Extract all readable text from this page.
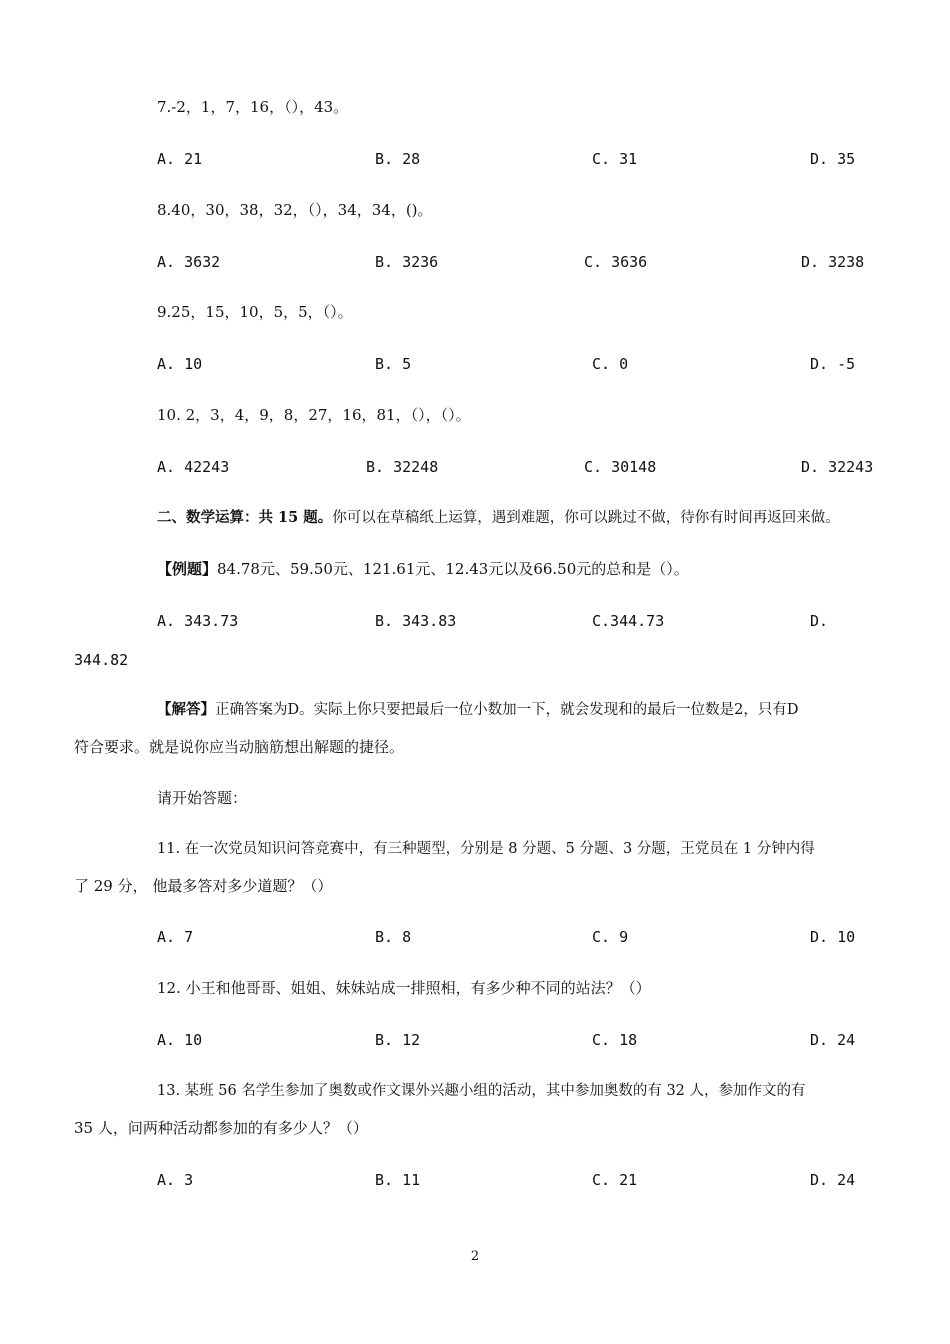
7.-2，1，7，16，（），43。
A. 21	B. 28	C. 31	D. 35
8.40，30，38，32，（），34，34，()。
A. 3632	B. 3236	C. 3636	D. 3238
9.25，15，10，5，5，（）。
A. 10	B. 5	C. 0	D. -5
10. 2，3，4，9，8，27，16，81，（），（）。
A. 42243	B. 32248	C. 30148	D. 32243
二、数学运算：共 15 题。你可以在草稿纸上运算，遇到难题，你可以跳过不做，待你有时间再返回来做。
【例题】84.78元、59.50元、121.61元、12.43元以及66.50元的总和是（）。
A. 343.73	B. 343.83	C.344.73	D.
344.82
【解答】正确答案为D。实际上你只要把最后一位小数加一下，就会发现和的最后一位数是2，只有D
符合要求。就是说你应当动脑筋想出解题的捷径。
请开始答题：
11. 在一次党员知识问答竞赛中，有三种题型，分别是 8 分题、5 分题、3 分题，王党员在 1 分钟内得
了 29 分， 他最多答对多少道题？（）
A. 7	B. 8	C. 9	D. 10
12. 小王和他哥哥、姐姐、妹妹站成一排照相，有多少种不同的站法？（）
A. 10	B. 12	C. 18	D. 24
13. 某班 56 名学生参加了奥数或作文课外兴趣小组的活动，其中参加奥数的有 32 人，参加作文的有
35 人，问两种活动都参加的有多少人？（）
A. 3	B. 11	C. 21	D. 24
2
